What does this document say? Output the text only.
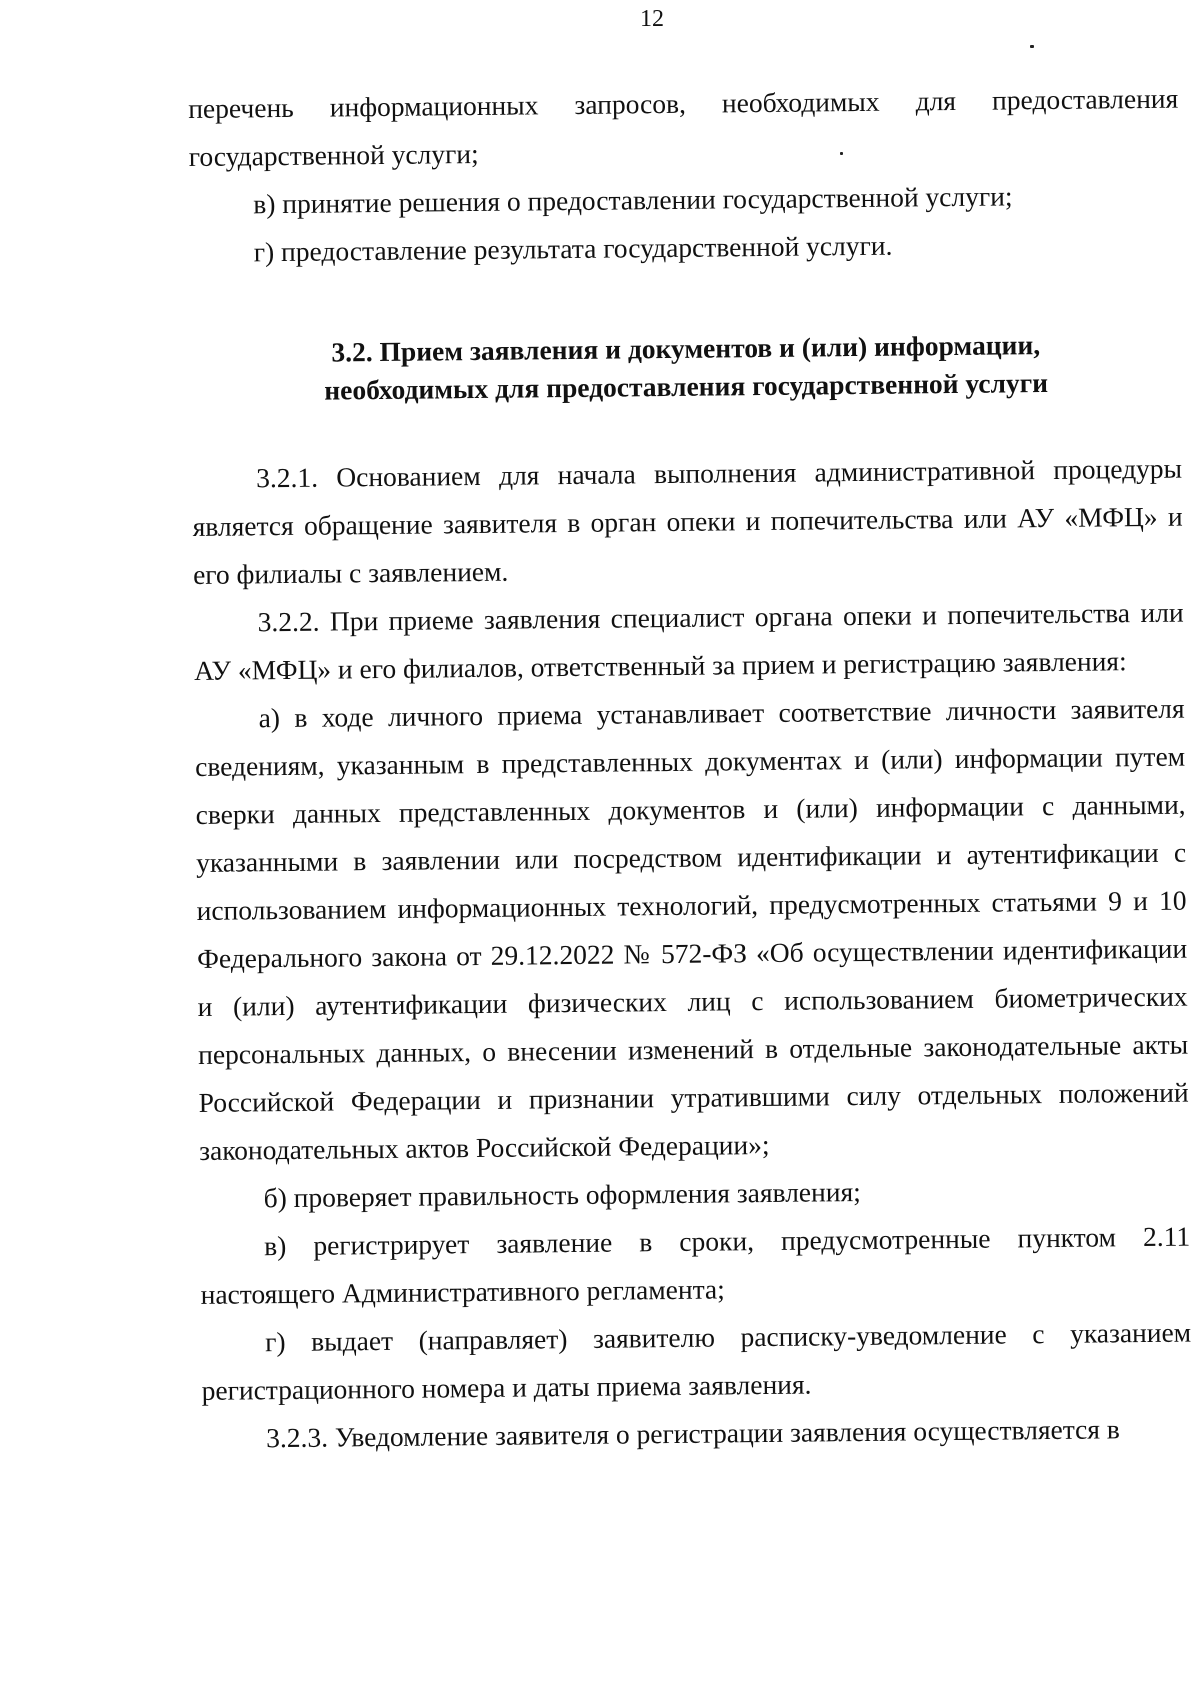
12

перечень информационных запросов, необходимых для предоставления

государственной услуги;

в) принятие решения о предоставлении государственной услуги;

г) предоставление результата государственной услуги.

3.2. Прием заявления и документов и (или) информации,

необходимых для предоставления государственной услуги

3.2.1. Основанием для начала выполнения административной процедуры является обращение заявителя в орган опеки и попечительства или АУ «МФЦ» и его филиалы с заявлением.

3.2.2. При приеме заявления специалист органа опеки и попечительства или АУ «МФЦ» и его филиалов, ответственный за прием и регистрацию заявления:

а) в ходе личного приема устанавливает соответствие личности заявителя сведениям, указанным в представленных документах и (или) информации путем сверки данных представленных документов и (или) информации с данными, указанными в заявлении или посредством идентификации и аутентификации с использованием информационных технологий, предусмотренных статьями 9 и 10 Федерального закона от 29.12.2022 № 572-ФЗ «Об осуществлении идентификации и (или) аутентификации физических лиц с использованием биометрических персональных данных, о внесении изменений в отдельные законодательные акты Российской Федерации и признании утратившими силу отдельных положений законодательных актов Российской Федерации»;

б) проверяет правильность оформления заявления;

в) регистрирует заявление в сроки, предусмотренные пунктом 2.11 настоящего Административного регламента;

г) выдает (направляет) заявителю расписку-уведомление с указанием регистрационного номера и даты приема заявления.

3.2.3. Уведомление заявителя о регистрации заявления осуществляется в
